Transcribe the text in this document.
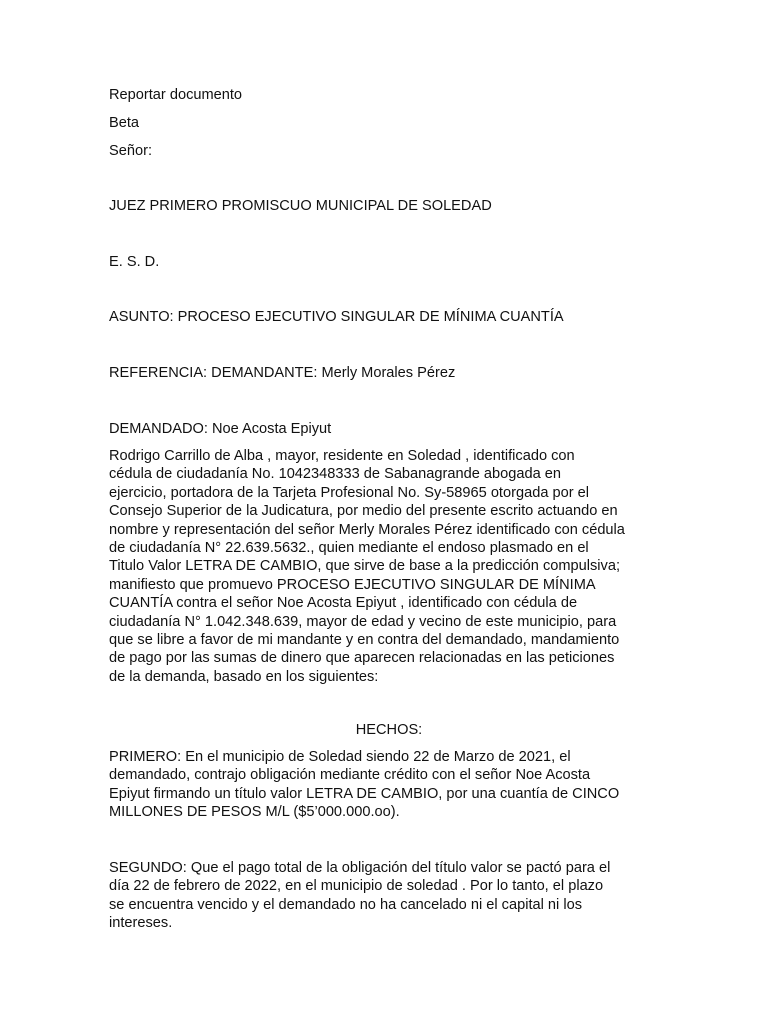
Reportar documento
Beta
Señor:
JUEZ PRIMERO PROMISCUO MUNICIPAL DE SOLEDAD
E. S. D.
ASUNTO: PROCESO EJECUTIVO SINGULAR DE MÍNIMA CUANTÍA
REFERENCIA: DEMANDANTE: Merly Morales Pérez
DEMANDADO: Noe Acosta Epiyut
Rodrigo Carrillo de Alba , mayor, residente en Soledad , identificado con
cédula de ciudadanía No. 1042348333 de Sabanagrande abogada en
ejercicio, portadora de la Tarjeta Profesional No. Sy-58965 otorgada por el
Consejo Superior de la Judicatura, por medio del presente escrito actuando en
nombre y representación del señor Merly Morales Pérez identificado con cédula
de ciudadanía N° 22.639.5632., quien mediante el endoso plasmado en el
Titulo Valor LETRA DE CAMBIO, que sirve de base a la predicción compulsiva;
manifiesto que promuevo PROCESO EJECUTIVO SINGULAR DE MÍNIMA
CUANTÍA contra el señor Noe Acosta Epiyut , identificado con cédula de
ciudadanía N° 1.042.348.639, mayor de edad y vecino de este municipio, para
que se libre a favor de mi mandante y en contra del demandado, mandamiento
de pago por las sumas de dinero que aparecen relacionadas en las peticiones
de la demanda, basado en los siguientes:
HECHOS:
PRIMERO: En el municipio de Soledad siendo 22 de Marzo de 2021, el
demandado, contrajo obligación mediante crédito con el señor Noe Acosta
Epiyut firmando un título valor LETRA DE CAMBIO, por una cuantía de CINCO
MILLONES DE PESOS M/L ($5’000.000.oo).
SEGUNDO: Que el pago total de la obligación del título valor se pactó para el
día 22 de febrero de 2022, en el municipio de soledad . Por lo tanto, el plazo
se encuentra vencido y el demandado no ha cancelado ni el capital ni los
intereses.
